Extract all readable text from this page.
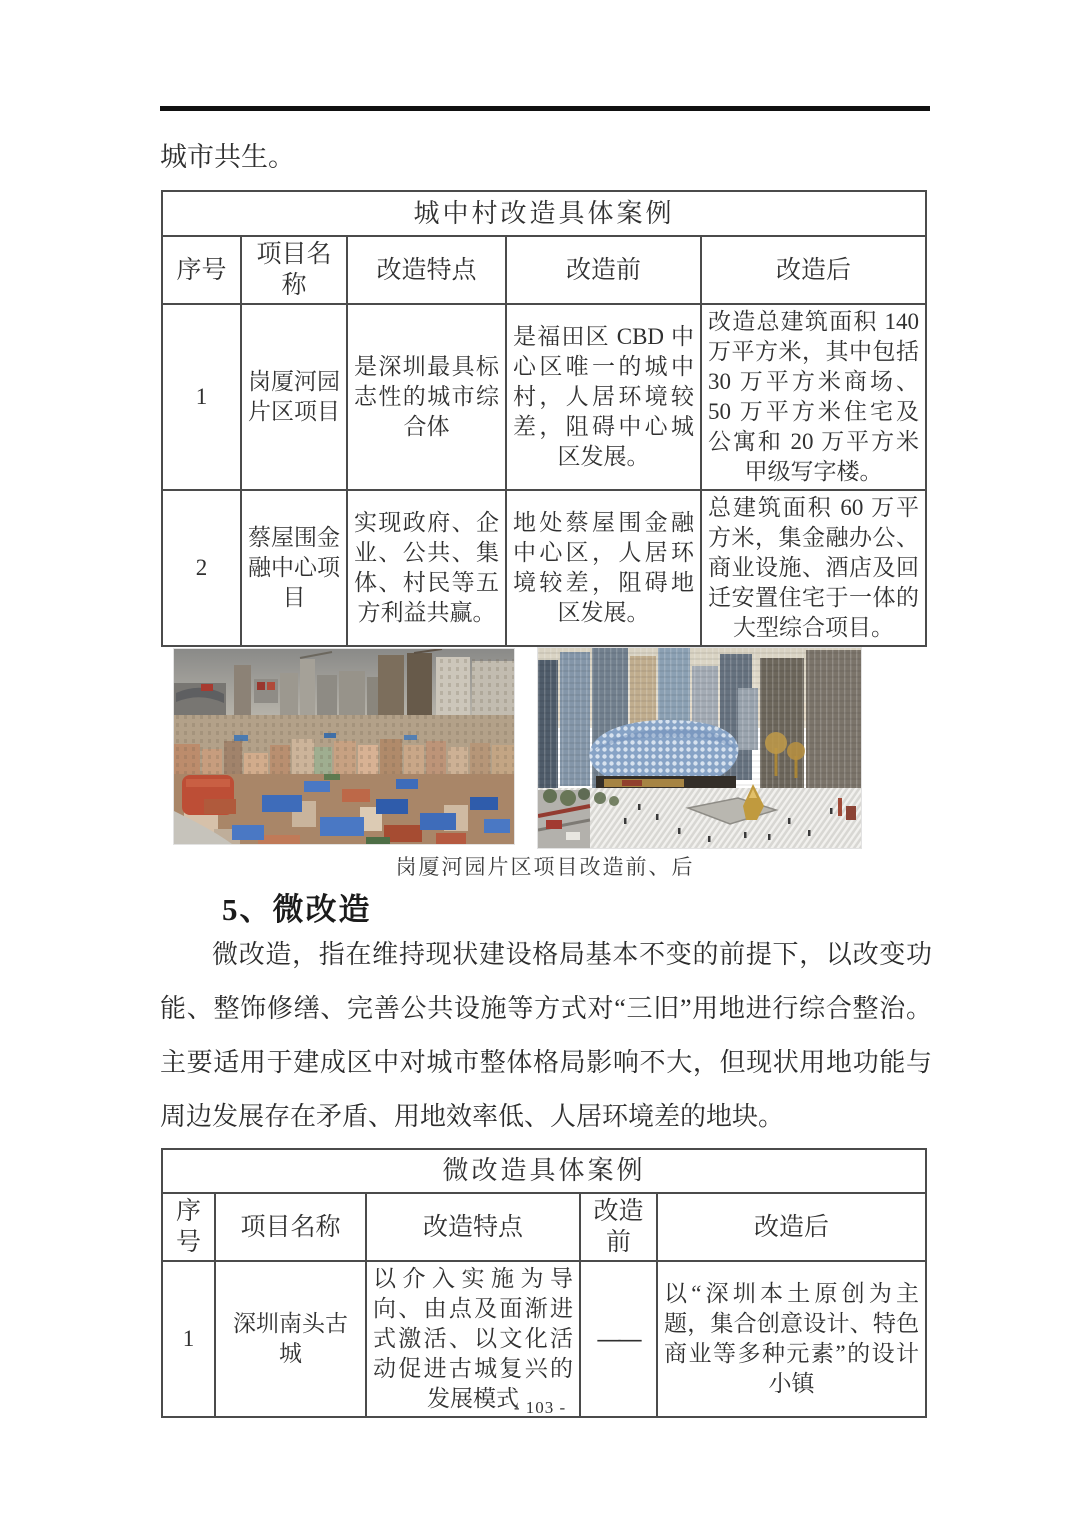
城市共生。

城中村改造具体案例				
序号	项目名称	改造特点	改造前	改造后
1	岗厦河园片区项目	是深圳最具标志性的城市综合体	是福田区 CBD 中心区唯一的城中村，人居环境较差，阻碍中心城区发展。	改造总建筑面积 140 万平方米，其中包括 30 万平方米商场、50 万平方米住宅及公寓和 20 万平方米甲级写字楼。
2	蔡屋围金融中心项目	实现政府、企业、公共、集体、村民等五方利益共赢。	地处蔡屋围金融中心区，人居环境较差，阻碍地区发展。	总建筑面积 60 万平方米，集金融办公、商业设施、酒店及回迁安置住宅于一体的大型综合项目。
岗厦河园片区项目改造前、后
5、微改造

微改造，指在维持现状建设格局基本不变的前提下，以改变功能、整饰修缮、完善公共设施等方式对“三旧”用地进行综合整治。主要适用于建成区中对城市整体格局影响不大，但现状用地功能与周边发展存在矛盾、用地效率低、人居环境差的地块。

微改造具体案例				
序号	项目名称	改造特点	改造前	改造后
1	深圳南头古城	以介入实施为导向、由点及面渐进式激活、以文化活动促进古城复兴的发展模式	——	以“深圳本土原创为主题，集合创意设计、特色商业等多种元素”的设计小镇
- 103 -
